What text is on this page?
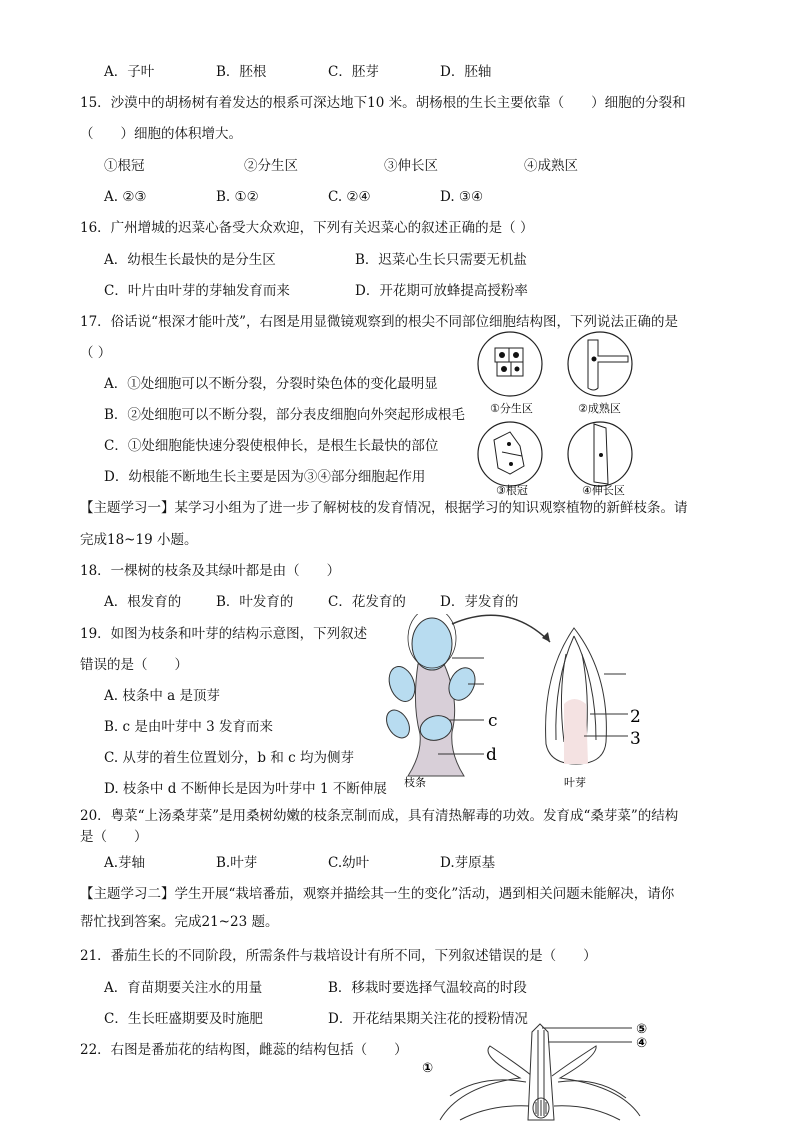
A．子叶	B．胚根	C．胚芽	D．胚轴
15．沙漠中的胡杨树有着发达的根系可深达地下10 米。胡杨根的生长主要依靠（　　）细胞的分裂和
（　　）细胞的体积增大。
①根冠	②分生区	③伸长区	④成熟区
A. ②③	B. ①②	C. ②④	D. ③④
16．广州增城的迟菜心备受大众欢迎，下列有关迟菜心的叙述正确的是（ ）
A．幼根生长最快的是分生区	B．迟菜心生长只需要无机盐
C．叶片由叶芽的芽轴发育而来	D．开花期可放蜂提高授粉率
17．俗话说“根深才能叶茂”，右图是用显微镜观察到的根尖不同部位细胞结构图，下列说法正确的是
（ ）
A．①处细胞可以不断分裂，分裂时染色体的变化最明显
B．②处细胞可以不断分裂，部分表皮细胞向外突起形成根毛
C．①处细胞能快速分裂使根伸长，是根生长最快的部位
D．幼根能不断地生长主要是因为③④部分细胞起作用
①分生区	②成熟区
③根冠	④伸长区
【主题学习一】某学习小组为了进一步了解树枝的发育情况，根据学习的知识观察植物的新鲜枝条。请
完成18~19 小题。
18．一棵树的枝条及其绿叶都是由（　　）
A．根发育的	B．叶发育的	C．花发育的	D．芽发育的
19．如图为枝条和叶芽的结构示意图，下列叙述
错误的是（　　）
A. 枝条中 a 是顶芽
B. c 是由叶芽中 3 发育而来
C. 从芽的着生位置划分，b 和 c 均为侧芽
D. 枝条中 d 不断伸长是因为叶芽中 1 不断伸展
c
d
枝条
2
3
叶芽
20．粤菜“上汤桑芽菜”是用桑树幼嫩的枝条烹制而成，具有清热解毒的功效。发育成“桑芽菜”的结构
是（　　）
A.芽轴	B.叶芽	C.幼叶	D.芽原基
【主题学习二】学生开展“栽培番茄，观察并描绘其一生的变化”活动，遇到相关问题未能解决，请你
帮忙找到答案。完成21~23 题。
21．番茄生长的不同阶段，所需条件与栽培设计有所不同，下列叙述错误的是（　　）
A．育苗期要关注水的用量	B．移栽时要选择气温较高的时段
C．生长旺盛期要及时施肥	D．开花结果期关注花的授粉情况
22．右图是番茄花的结构图，雌蕊的结构包括（　　）
⑤
④
①
